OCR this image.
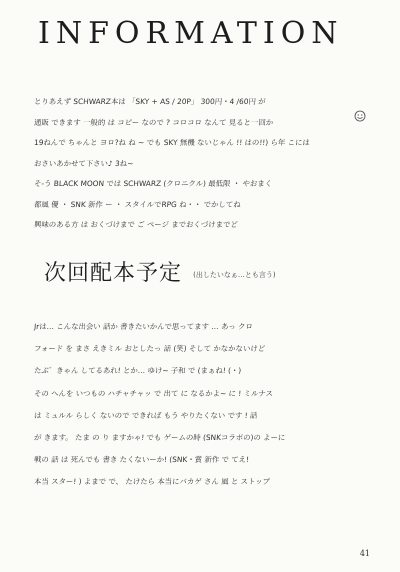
INFORMATION
とりあえず SCHWARZ本は 「SKY + AS / 20P」 300円・4 /60円 が
通販 できます 一般的 は コピー なので ? コロコロ なんて 見ると一回か
19ねんで ちゃんと ヨロ?ね ね ~ でも SKY 無機 ないじゃん !! はの!!) ら年 こには
おさいあかせて下さい♪ 3ね~
そ-う BLACK MOON では SCHWARZ (クロニクル) 最低限 ・ やおまく
都風 優 ・ SNK 新作 ー ・ スタイルでRPG ね・・ でかしてね
興味のある方 は おくづけまで ご ページ までおくづけまでど
次回配本予定 (出したいなぁ…とも言う)
Jrは… こんな出会い 話か 書きたいかんで思ってます … あっ クロ
フォード を まさ えきミル おとしたっ 話 (笑) そして かなかないけど
たぶ゛きゃん してるあれ! とか… ゆけ~ 子和 で (まぁね! (・)
その へんを いつもの ハチャチャッ で 出て に なるかよ~ に ! ミルナス
は ミュルル らしく ないので できれば もう やりたくない です ! 話
が きます。 たま の り ますかゃ! でも ゲームの時 (SNKコラボの)の よーに
戦の 話 は 死んでも 書き たくないーか! (SNK・賞 新作 で てえ!
本当 スター! ) よまで で、 たけたら 本当にバカゲ さん 風 と ストップ
41
